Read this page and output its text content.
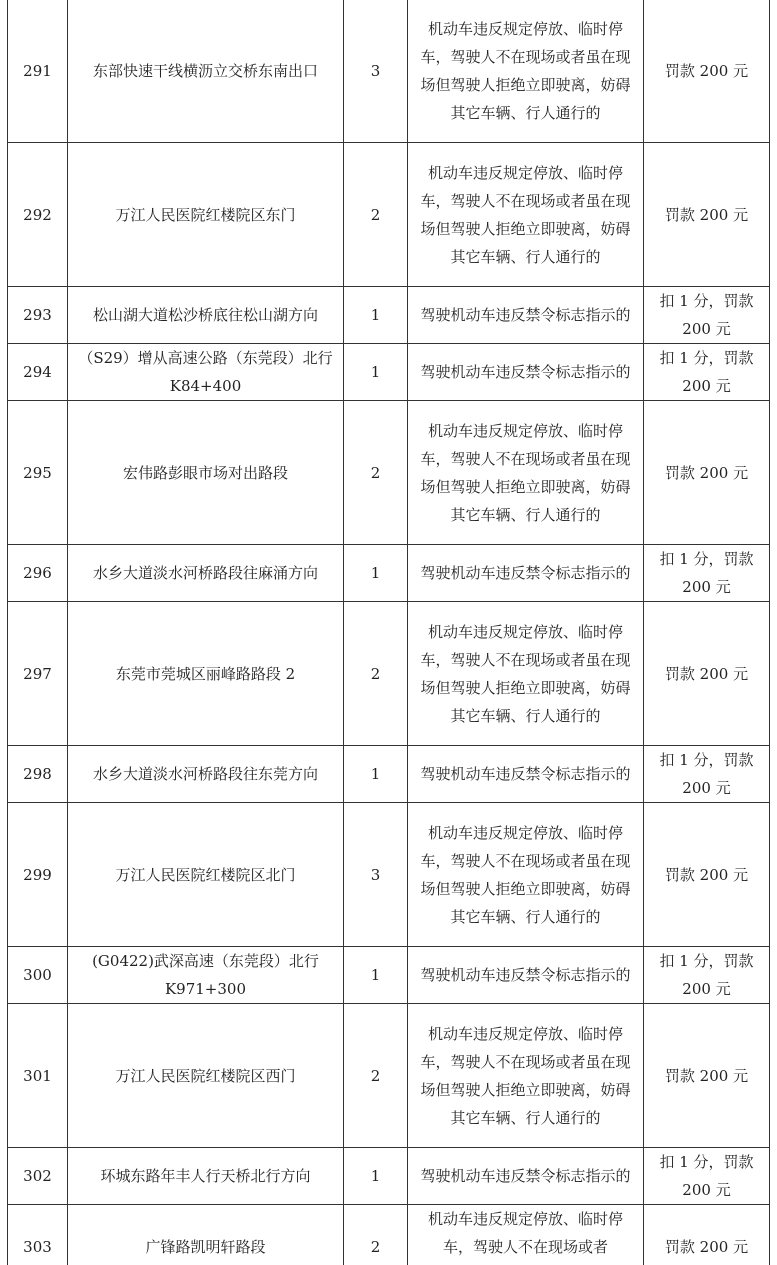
291	东部快速干线横沥立交桥东南出口	3	机动车违反规定停放、临时停车，驾驶人不在现场或者虽在现场但驾驶人拒绝立即驶离，妨碍其它车辆、行人通行的	罚款 200 元
292	万江人民医院红楼院区东门	2	机动车违反规定停放、临时停车，驾驶人不在现场或者虽在现场但驾驶人拒绝立即驶离，妨碍其它车辆、行人通行的	罚款 200 元
293	松山湖大道松沙桥底往松山湖方向	1	驾驶机动车违反禁令标志指示的	扣 1 分，罚款 200 元
294	（S29）增从高速公路（东莞段）北行 K84+400	1	驾驶机动车违反禁令标志指示的	扣 1 分，罚款 200 元
295	宏伟路彭眼市场对出路段	2	机动车违反规定停放、临时停车，驾驶人不在现场或者虽在现场但驾驶人拒绝立即驶离，妨碍其它车辆、行人通行的	罚款 200 元
296	水乡大道淡水河桥路段往麻涌方向	1	驾驶机动车违反禁令标志指示的	扣 1 分，罚款 200 元
297	东莞市莞城区丽峰路路段 2	2	机动车违反规定停放、临时停车，驾驶人不在现场或者虽在现场但驾驶人拒绝立即驶离，妨碍其它车辆、行人通行的	罚款 200 元
298	水乡大道淡水河桥路段往东莞方向	1	驾驶机动车违反禁令标志指示的	扣 1 分，罚款 200 元
299	万江人民医院红楼院区北门	3	机动车违反规定停放、临时停车，驾驶人不在现场或者虽在现场但驾驶人拒绝立即驶离，妨碍其它车辆、行人通行的	罚款 200 元
300	(G0422)武深高速（东莞段）北行 K971+300	1	驾驶机动车违反禁令标志指示的	扣 1 分，罚款 200 元
301	万江人民医院红楼院区西门	2	机动车违反规定停放、临时停车，驾驶人不在现场或者虽在现场但驾驶人拒绝立即驶离，妨碍其它车辆、行人通行的	罚款 200 元
302	环城东路年丰人行天桥北行方向	1	驾驶机动车违反禁令标志指示的	扣 1 分，罚款 200 元
303	广锋路凯明轩路段	2	机动车违反规定停放、临时停车，驾驶人不在现场或者	罚款 200 元
